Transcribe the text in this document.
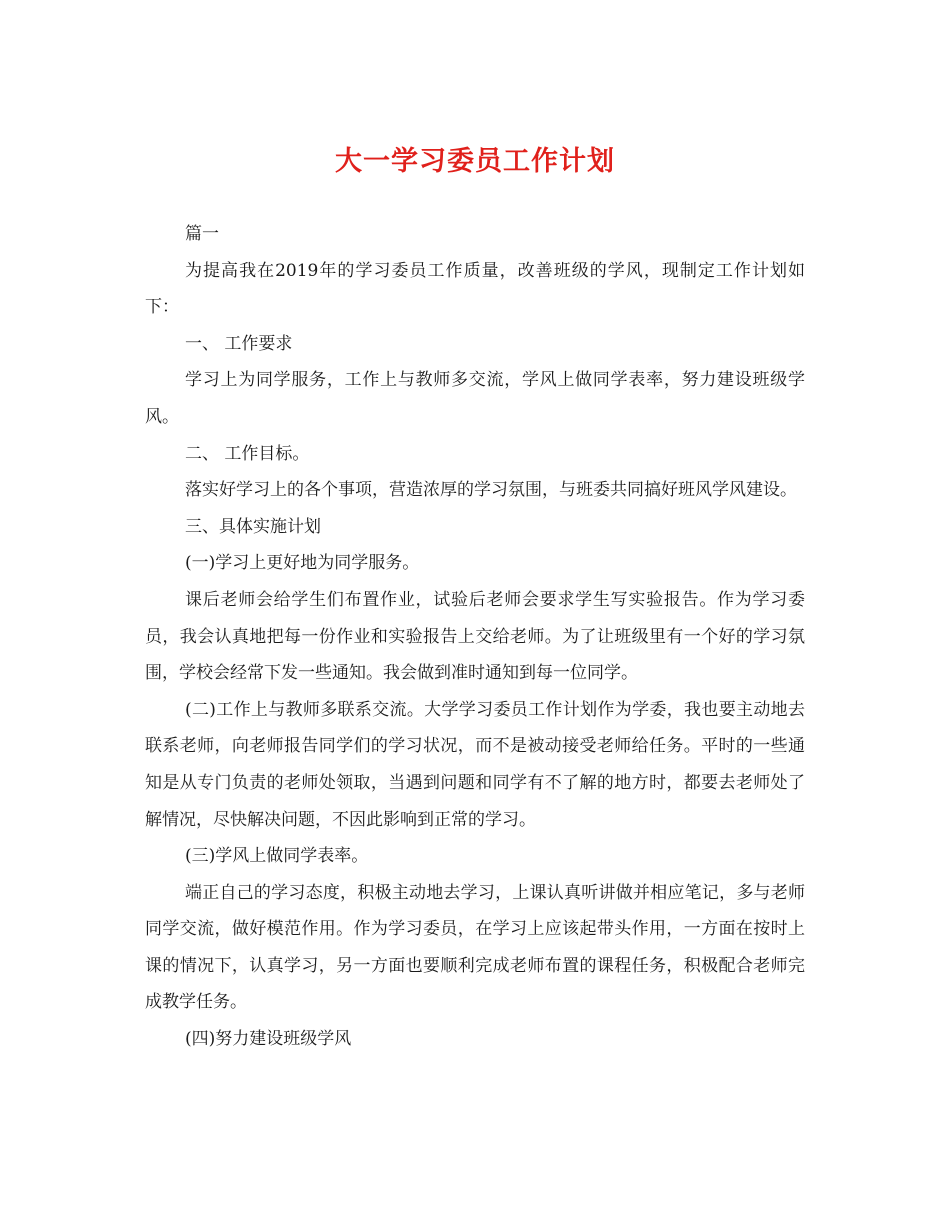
大一学习委员工作计划

篇一

为提高我在2019年的学习委员工作质量，改善班级的学风，现制定工作计划如下：

一、 工作要求

学习上为同学服务，工作上与教师多交流，学风上做同学表率，努力建设班级学风。

二、 工作目标。

落实好学习上的各个事项，营造浓厚的学习氛围，与班委共同搞好班风学风建设。

三、具体实施计划

(一)学习上更好地为同学服务。

课后老师会给学生们布置作业，试验后老师会要求学生写实验报告。作为学习委员，我会认真地把每一份作业和实验报告上交给老师。为了让班级里有一个好的学习氛围，学校会经常下发一些通知。我会做到准时通知到每一位同学。

(二)工作上与教师多联系交流。大学学习委员工作计划作为学委，我也要主动地去联系老师，向老师报告同学们的学习状况，而不是被动接受老师给任务。平时的一些通知是从专门负责的老师处领取，当遇到问题和同学有不了解的地方时，都要去老师处了解情况，尽快解决问题，不因此影响到正常的学习。

(三)学风上做同学表率。

端正自己的学习态度，积极主动地去学习，上课认真听讲做并相应笔记，多与老师同学交流，做好模范作用。作为学习委员，在学习上应该起带头作用，一方面在按时上课的情况下，认真学习，另一方面也要顺利完成老师布置的课程任务，积极配合老师完成教学任务。

(四)努力建设班级学风
